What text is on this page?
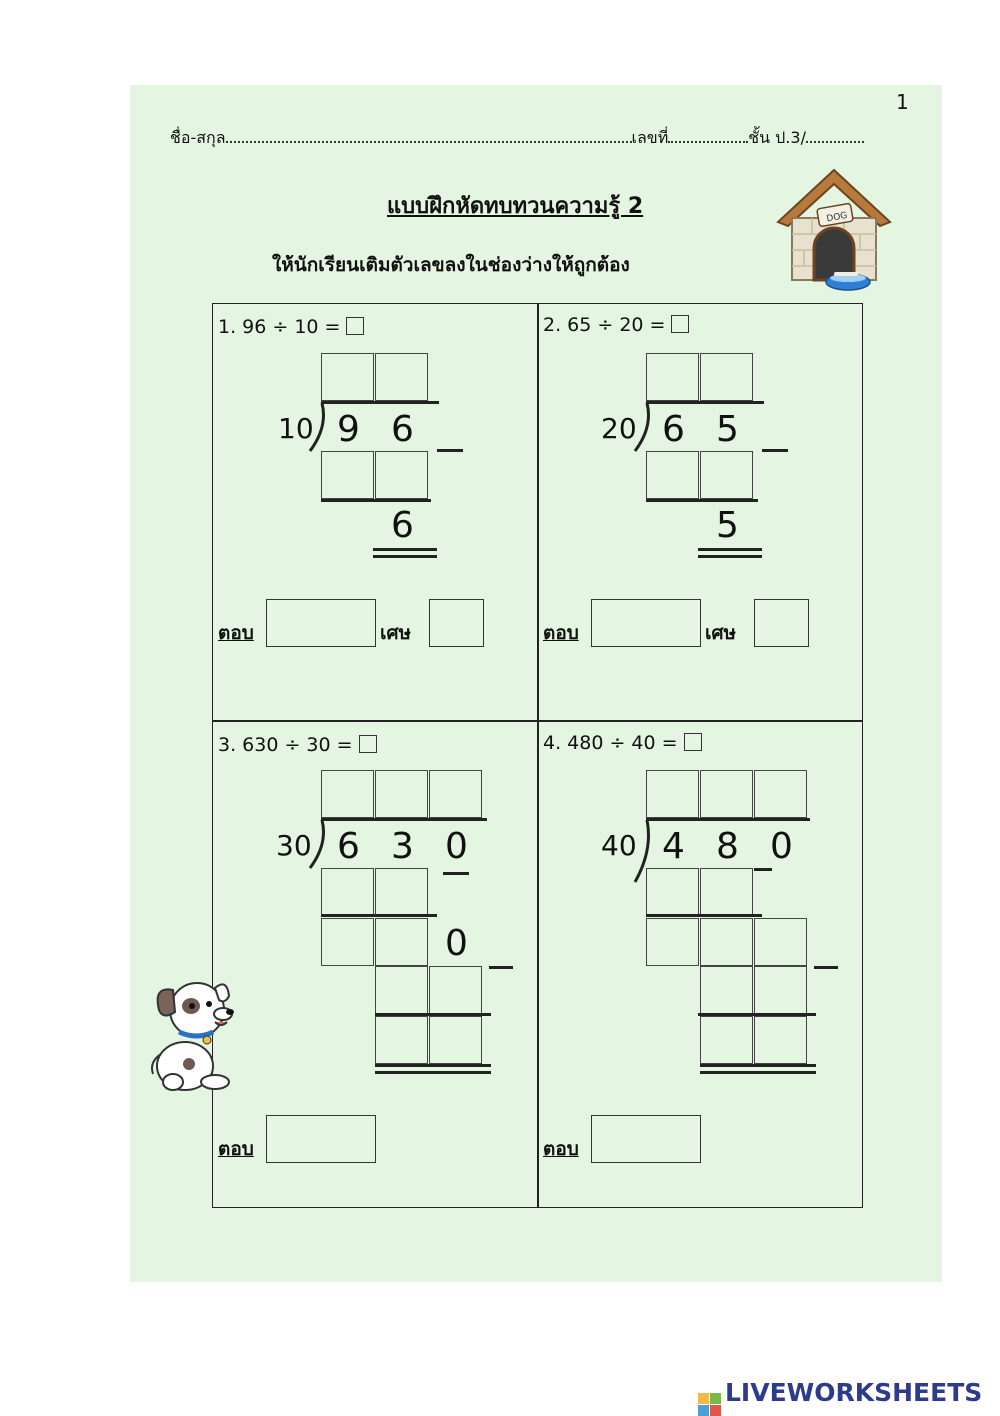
1
ชื่อ-สกุล	เลขที่	ชั้น ป.3/
แบบฝึกหัดทบทวนความรู้ 2
ให้นักเรียนเติมตัวเลขลงในช่องว่างให้ถูกต้อง
DOG
1. 96 ÷ 10 =
10 9 6
6
ตอบ	เศษ
2. 65 ÷ 20 =
20 6 5
5
ตอบ	เศษ
3. 630 ÷ 30 =
30 6 3 0
0
ตอบ
4. 480 ÷ 40 =
40 4 8 0
ตอบ
LIVEWORKSHEETS
